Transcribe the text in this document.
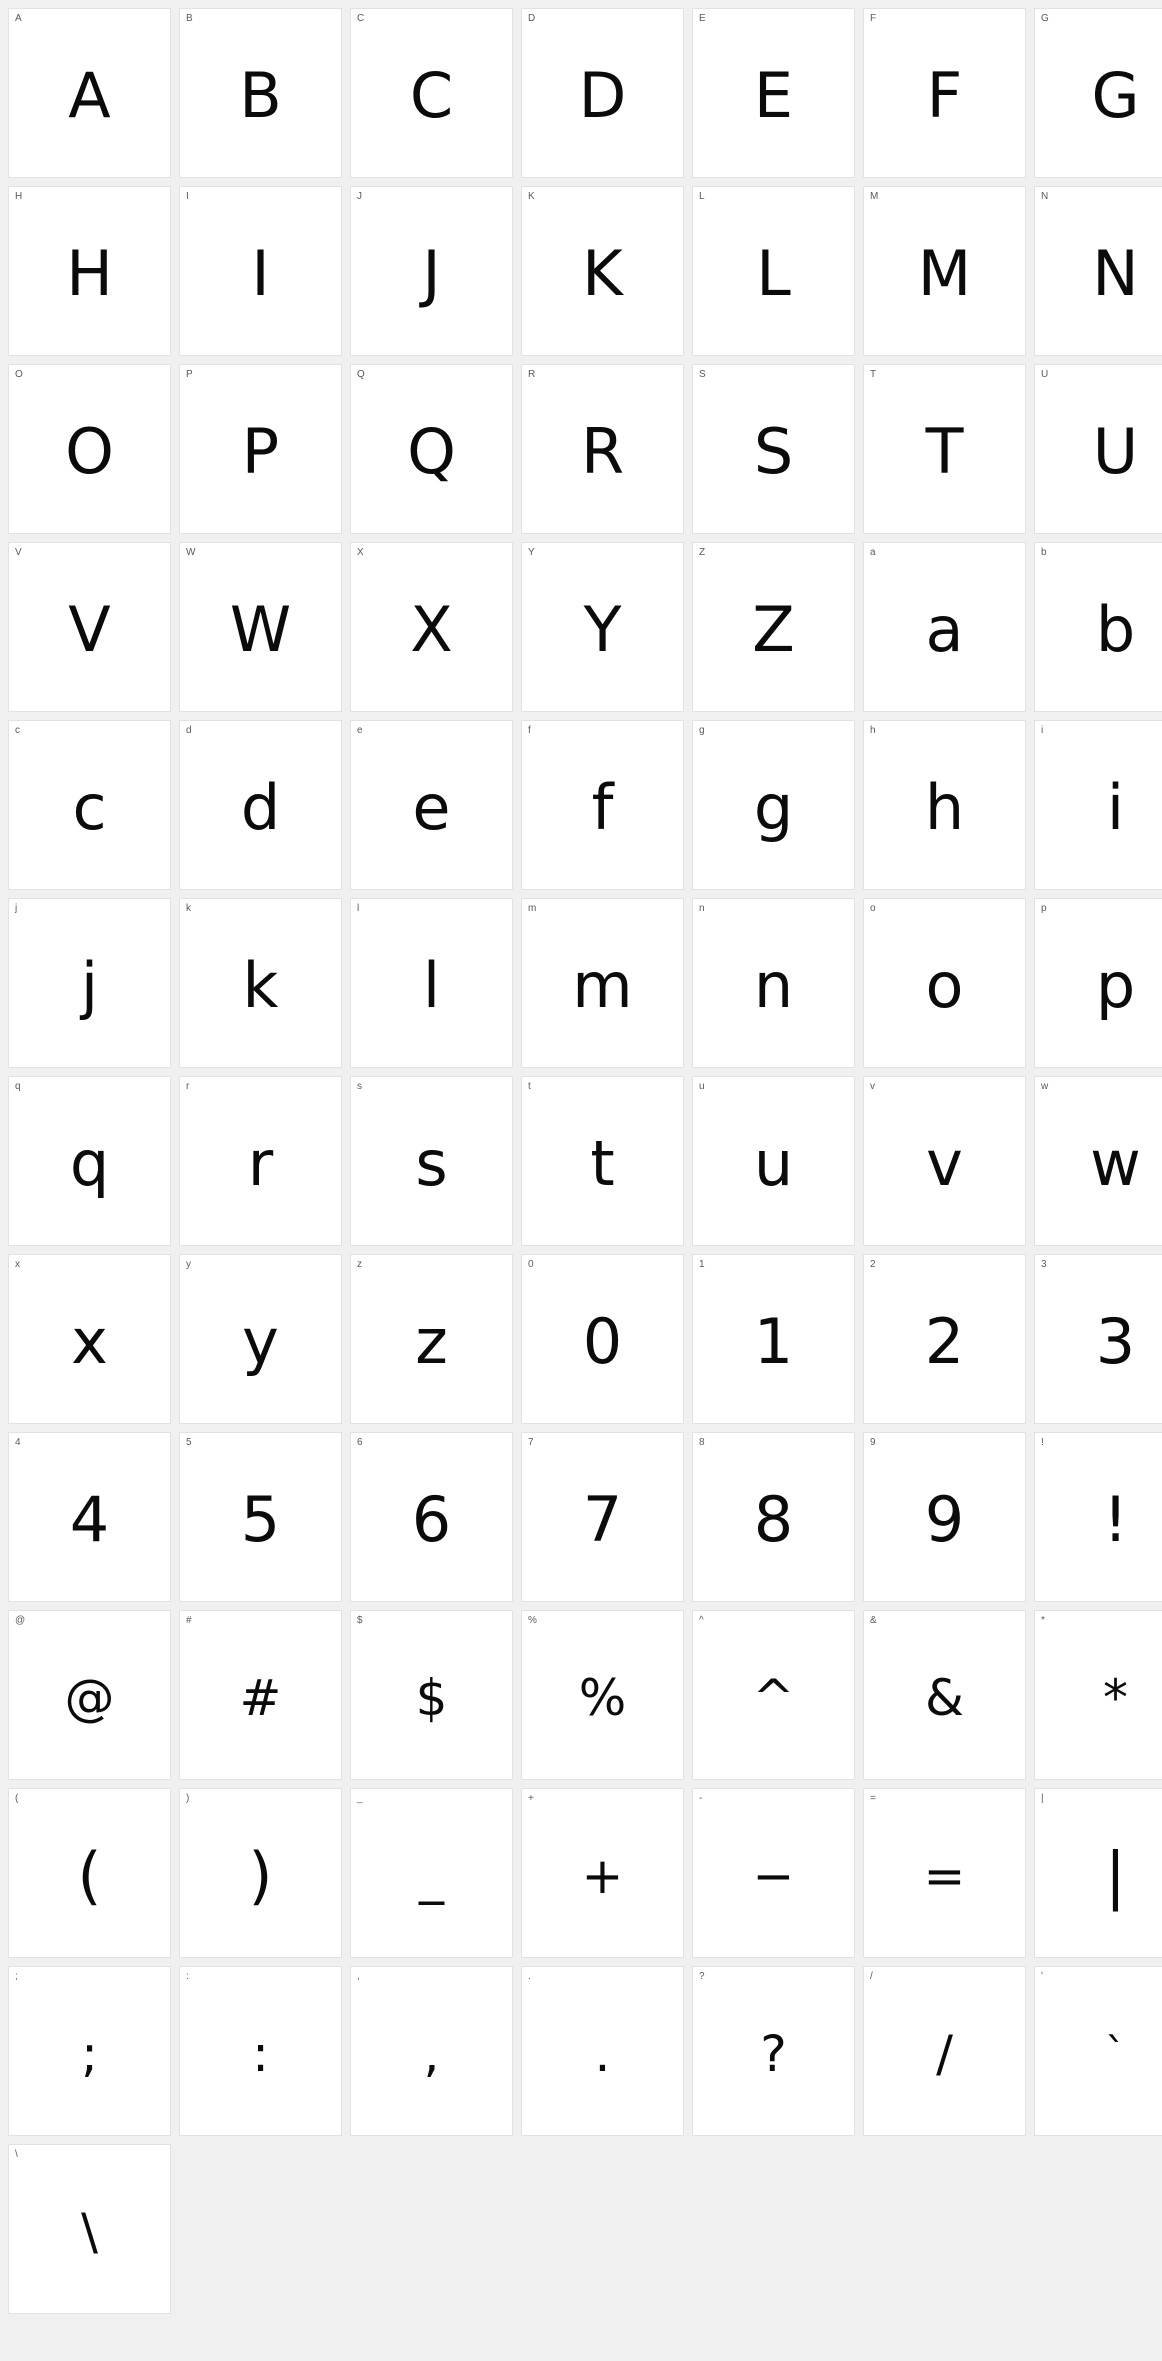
A
A
B
B
C
C
D
D
E
E
F
F
G
G
H
H
I
I
J
J
K
K
L
L
M
M
N
N
O
O
P
P
Q
Q
R
R
S
S
T
T
U
U
V
V
W
W
X
X
Y
Y
Z
Z
a
a
b
b
c
c
d
d
e
e
f
f
g
g
h
h
i
i
j
j
k
k
l
l
m
m
n
n
o
o
p
p
q
q
r
r
s
s
t
t
u
u
v
v
w
w
x
x
y
y
z
z
0
0
1
1
2
2
3
3
4
4
5
5
6
6
7
7
8
8
9
9
!
!
@
@
#
#
$
$
%
%
^
^
&
&
*
*
(
(
)
)
_
_
+
+
-
−
=
=
|
|
;
;
:
:
,
,
.
.
?
?
/
/
'
`
\
\
